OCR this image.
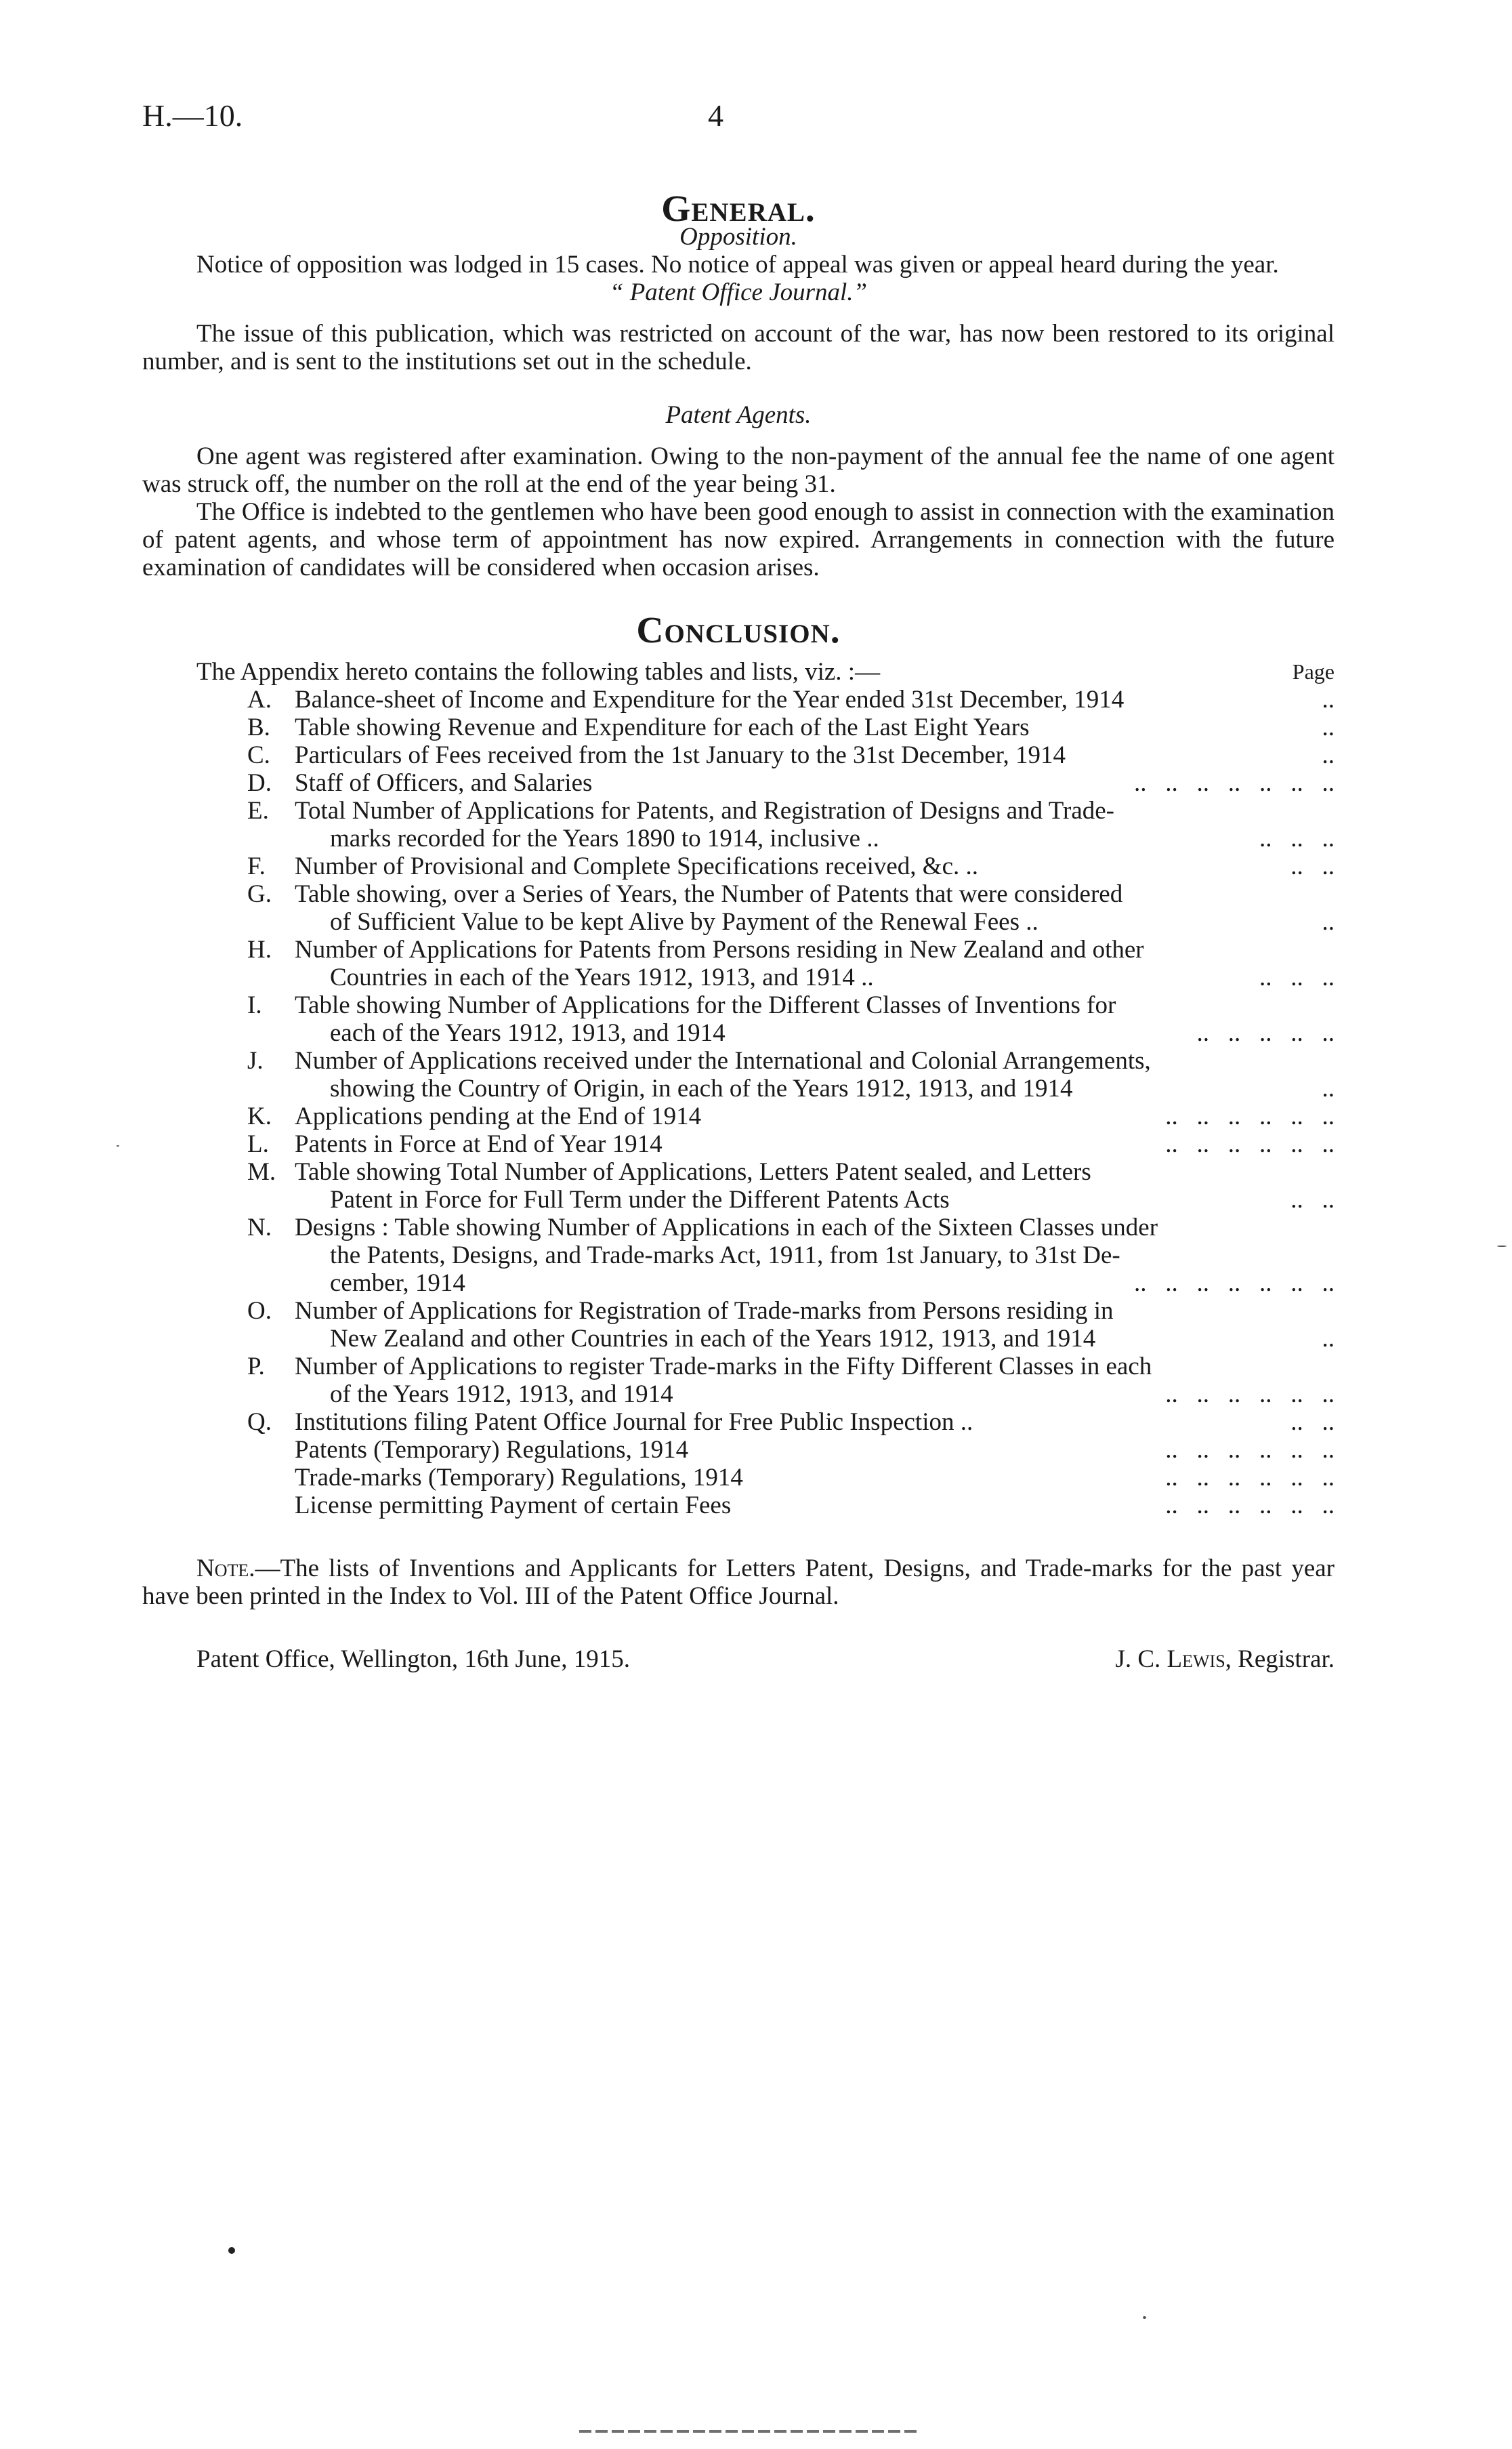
H.—10.	4
General.
Opposition.

Notice of opposition was lodged in 15 cases. No notice of appeal was given or appeal heard during the year.

“ Patent Office Journal.”

The issue of this publication, which was restricted on account of the war, has now been restored to its original number, and is sent to the institutions set out in the schedule.

Patent Agents.

One agent was registered after examination. Owing to the non-payment of the annual fee the name of one agent was struck off, the number on the roll at the end of the year being 31.

The Office is indebted to the gentlemen who have been good enough to assist in connection with the examination of patent agents, and whose term of appointment has now expired. Arrangements in connection with the future examination of candidates will be considered when occasion arises.

Conclusion.
The Appendix hereto contains the following tables and lists, viz. :—	Page
A. Balance-sheet of Income and Expenditure for the Year ended 31st December, 1914	..
B. Table showing Revenue and Expenditure for each of the Last Eight Years	..
C. Particulars of Fees received from the 1st January to the 31st December, 1914	..
D. Staff of Officers, and Salaries	..   ..   ..   ..   ..   ..   ..
E. Total Number of Applications for Patents, and Registration of Designs and Trade-
marks recorded for the Years 1890 to 1914, inclusive ..	..   ..   ..
F. Number of Provisional and Complete Specifications received, &c. ..	..   ..
G. Table showing, over a Series of Years, the Number of Patents that were considered
of Sufficient Value to be kept Alive by Payment of the Renewal Fees ..	..
H. Number of Applications for Patents from Persons residing in New Zealand and other
Countries in each of the Years 1912, 1913, and 1914 ..	..   ..   ..
I. Table showing Number of Applications for the Different Classes of Inventions for
each of the Years 1912, 1913, and 1914	..   ..   ..   ..   ..
J. Number of Applications received under the International and Colonial Arrangements,
showing the Country of Origin, in each of the Years 1912, 1913, and 1914	..
K. Applications pending at the End of 1914	..   ..   ..   ..   ..   ..
L. Patents in Force at End of Year 1914	..   ..   ..   ..   ..   ..
M. Table showing Total Number of Applications, Letters Patent sealed, and Letters
Patent in Force for Full Term under the Different Patents Acts	..   ..
N. Designs : Table showing Number of Applications in each of the Sixteen Classes under
the Patents, Designs, and Trade-marks Act, 1911, from 1st January, to 31st De-
cember, 1914	..   ..   ..   ..   ..   ..   ..
O. Number of Applications for Registration of Trade-marks from Persons residing in
New Zealand and other Countries in each of the Years 1912, 1913, and 1914	..
P. Number of Applications to register Trade-marks in the Fifty Different Classes in each
of the Years 1912, 1913, and 1914	..   ..   ..   ..   ..   ..
Q. Institutions filing Patent Office Journal for Free Public Inspection ..	..   ..
Patents (Temporary) Regulations, 1914	..   ..   ..   ..   ..   ..
Trade-marks (Temporary) Regulations, 1914	..   ..   ..   ..   ..   ..
License permitting Payment of certain Fees	..   ..   ..   ..   ..   ..

Note.—The lists of Inventions and Applicants for Letters Patent, Designs, and Trade-marks for the past year have been printed in the Index to Vol. III of the Patent Office Journal.

Patent Office, Wellington, 16th June, 1915.	J. C. Lewis, Registrar.
